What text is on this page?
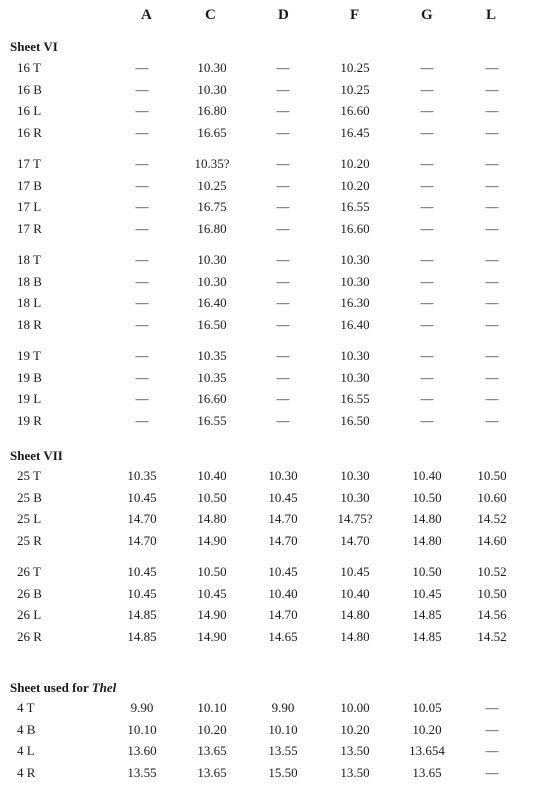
A	C	D	F	G	L
Sheet VI
Sheet VII
Sheet used for Thel
16 T	—	10.30	—	10.25	—	—
16 B	—	10.30	—	10.25	—	—
16 L	—	16.80	—	16.60	—	—
16 R	—	16.65	—	16.45	—	—
17 T	—	10.35?	—	10.20	—	—
17 B	—	10.25	—	10.20	—	—
17 L	—	16.75	—	16.55	—	—
17 R	—	16.80	—	16.60	—	—
18 T	—	10.30	—	10.30	—	—
18 B	—	10.30	—	10.30	—	—
18 L	—	16.40	—	16.30	—	—
18 R	—	16.50	—	16.40	—	—
19 T	—	10.35	—	10.30	—	—
19 B	—	10.35	—	10.30	—	—
19 L	—	16.60	—	16.55	—	—
19 R	—	16.55	—	16.50	—	—
25 T	10.35	10.40	10.30	10.30	10.40	10.50
25 B	10.45	10.50	10.45	10.30	10.50	10.60
25 L	14.70	14.80	14.70	14.75?	14.80	14.52
25 R	14.70	14.90	14.70	14.70	14.80	14.60
26 T	10.45	10.50	10.45	10.45	10.50	10.52
26 B	10.45	10.45	10.40	10.40	10.45	10.50
26 L	14.85	14.90	14.70	14.80	14.85	14.56
26 R	14.85	14.90	14.65	14.80	14.85	14.52
4 T	9.90	10.10	9.90	10.00	10.05	—
4 B	10.10	10.20	10.10	10.20	10.20	—
4 L	13.60	13.65	13.55	13.50	13.654	—
4 R	13.55	13.65	15.50	13.50	13.65	—
